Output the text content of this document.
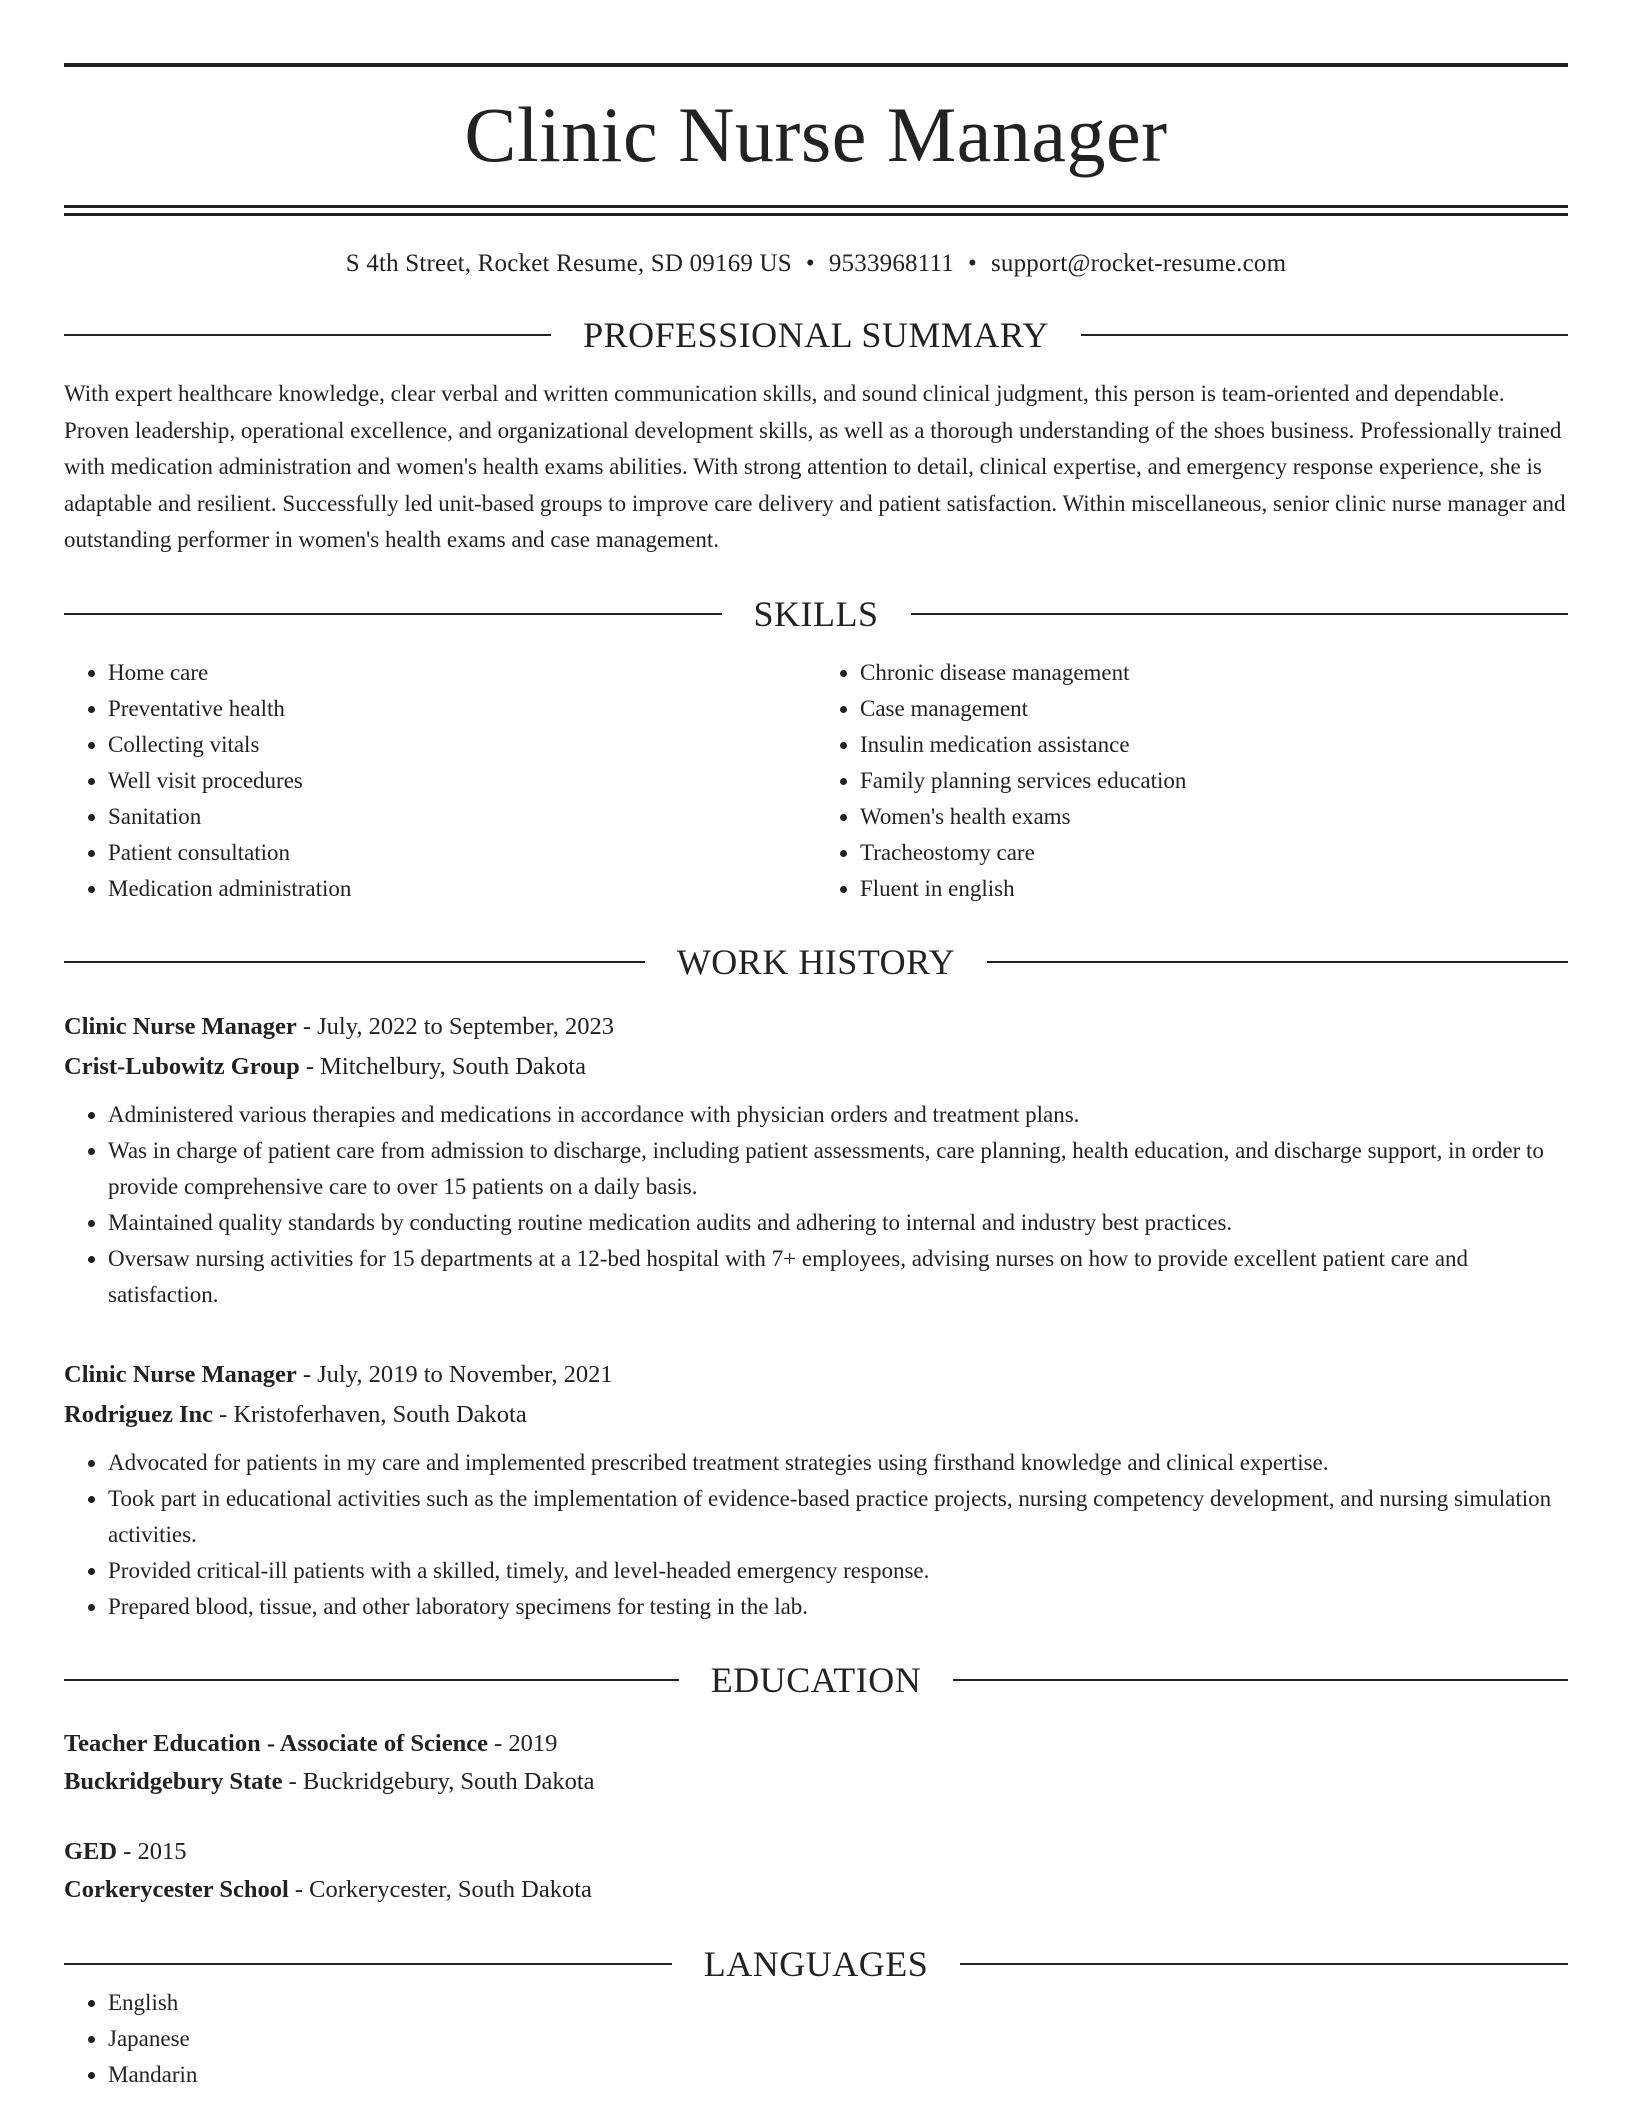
Clinic Nurse Manager
S 4th Street, Rocket Resume, SD 09169 US • 9533968111 • support@rocket-resume.com
PROFESSIONAL SUMMARY

With expert healthcare knowledge, clear verbal and written communication skills, and sound clinical judgment, this person is team-oriented and dependable. Proven leadership, operational excellence, and organizational development skills, as well as a thorough understanding of the shoes business. Professionally trained with medication administration and women's health exams abilities. With strong attention to detail, clinical expertise, and emergency response experience, she is adaptable and resilient. Successfully led unit-based groups to improve care delivery and patient satisfaction. Within miscellaneous, senior clinic nurse manager and outstanding performer in women's health exams and case management.

SKILLS
• Home care
• Preventative health
• Collecting vitals
• Well visit procedures
• Sanitation
• Patient consultation
• Medication administration
• Chronic disease management
• Case management
• Insulin medication assistance
• Family planning services education
• Women's health exams
• Tracheostomy care
• Fluent in english
WORK HISTORY
Clinic Nurse Manager - July, 2022 to September, 2023
Crist-Lubowitz Group - Mitchelbury, South Dakota
• Administered various therapies and medications in accordance with physician orders and treatment plans.
• Was in charge of patient care from admission to discharge, including patient assessments, care planning, health education, and discharge support, in order to provide comprehensive care to over 15 patients on a daily basis.
• Maintained quality standards by conducting routine medication audits and adhering to internal and industry best practices.
• Oversaw nursing activities for 15 departments at a 12-bed hospital with 7+ employees, advising nurses on how to provide excellent patient care and satisfaction.
Clinic Nurse Manager - July, 2019 to November, 2021
Rodriguez Inc - Kristoferhaven, South Dakota
• Advocated for patients in my care and implemented prescribed treatment strategies using firsthand knowledge and clinical expertise.
• Took part in educational activities such as the implementation of evidence-based practice projects, nursing competency development, and nursing simulation activities.
• Provided critical-ill patients with a skilled, timely, and level-headed emergency response.
• Prepared blood, tissue, and other laboratory specimens for testing in the lab.
EDUCATION
Teacher Education - Associate of Science - 2019
Buckridgebury State - Buckridgebury, South Dakota
GED - 2015
Corkerycester School - Corkerycester, South Dakota
LANGUAGES
• English
• Japanese
• Mandarin
